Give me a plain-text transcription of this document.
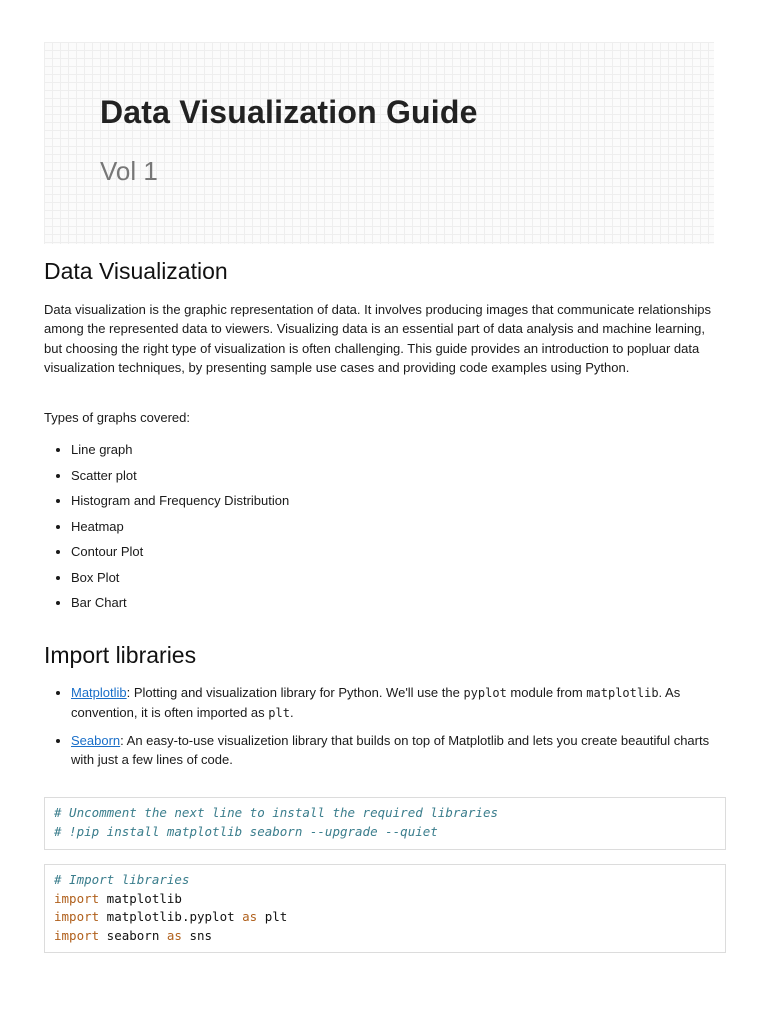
Data Visualization Guide
Vol 1
Data Visualization

Data visualization is the graphic representation of data. It involves producing images that communicate relationships among the represented data to viewers. Visualizing data is an essential part of data analysis and machine learning, but choosing the right type of visualization is often challenging. This guide provides an introduction to popluar data visualization techniques, by presenting sample use cases and providing code examples using Python.

Types of graphs covered:

• Line graph
• Scatter plot
• Histogram and Frequency Distribution
• Heatmap
• Contour Plot
• Box Plot
• Bar Chart
Import libraries
• Matplotlib: Plotting and visualization library for Python. We'll use the pyplot module from matplotlib. As convention, it is often imported as plt.
• Seaborn: An easy-to-use visualizetion library that builds on top of Matplotlib and lets you create beautiful charts with just a few lines of code.
# Uncomment the next line to install the required libraries
# !pip install matplotlib seaborn --upgrade --quiet
# Import libraries
import matplotlib
import matplotlib.pyplot as plt
import seaborn as sns
